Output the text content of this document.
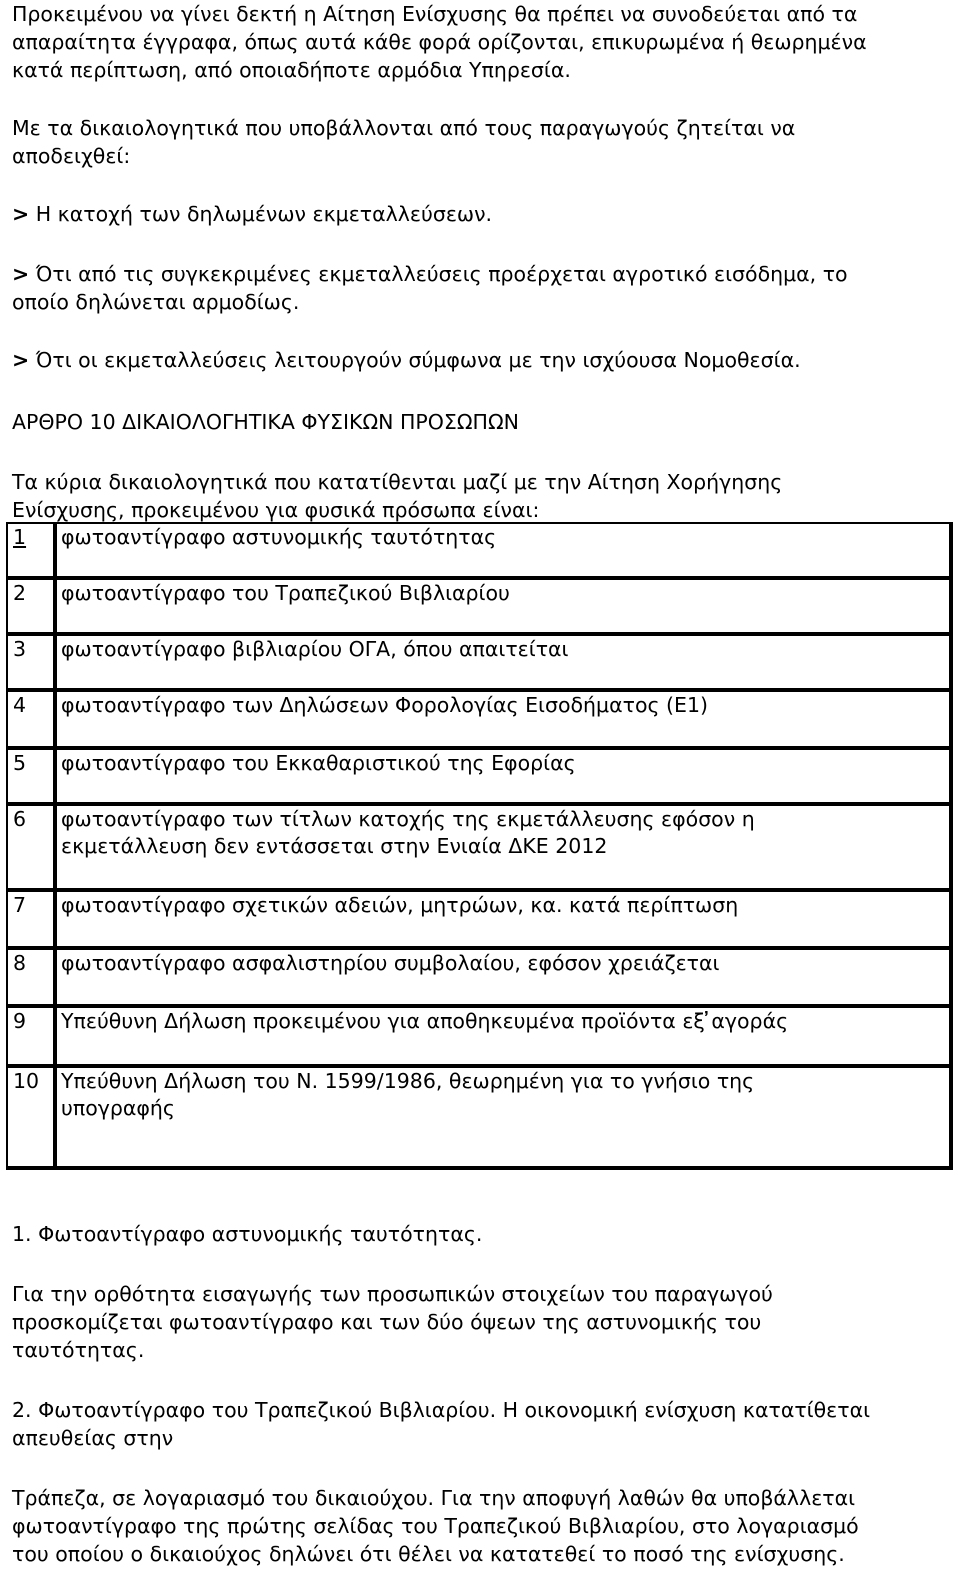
Προκειμένου να γίνει δεκτή η Αίτηση Ενίσχυσης θα πρέπει να συνοδεύεται από τα
απαραίτητα έγγραφα, όπως αυτά κάθε φορά ορίζονται, επικυρωμένα ή θεωρημένα
κατά περίπτωση, από οποιαδήποτε αρμόδια Υπηρεσία.
Με τα δικαιολογητικά που υποβάλλονται από τους παραγωγούς ζητείται να
αποδειχθεί:
> Η κατοχή των δηλωμένων εκμεταλλεύσεων.
> Ότι από τις συγκεκριμένες εκμεταλλεύσεις προέρχεται αγροτικό εισόδημα, το
οποίο δηλώνεται αρμοδίως.
> Ότι οι εκμεταλλεύσεις λειτουργούν σύμφωνα με την ισχύουσα Νομοθεσία.
ΑΡΘΡΟ 10 ΔΙΚΑΙΟΛΟΓΗΤΙΚΑ ΦΥΣΙΚΩΝ ΠΡΟΣΩΠΩΝ
Τα κύρια δικαιολογητικά που κατατίθενται μαζί με την Αίτηση Χορήγησης
Ενίσχυσης, προκειμένου για φυσικά πρόσωπα είναι:
1	φωτοαντίγραφο αστυνομικής ταυτότητας

2	φωτοαντίγραφο του Τραπεζικού Βιβλιαρίου

3	φωτοαντίγραφο βιβλιαρίου ΟΓΑ, όπου απαιτείται

4	φωτοαντίγραφο των Δηλώσεων Φορολογίας Εισοδήματος (Ε1)

5	φωτοαντίγραφο του Εκκαθαριστικού της Εφορίας

6	φωτοαντίγραφο των τίτλων κατοχής της εκμετάλλευσης εφόσον η
εκμετάλλευση δεν εντάσσεται στην Ενιαία ΔΚΕ 2012

7	φωτοαντίγραφο σχετικών αδειών, μητρώων, κα. κατά περίπτωση

8	φωτοαντίγραφο ασφαλιστηρίου συμβολαίου, εφόσον χρειάζεται

9	Υπεύθυνη Δήλωση προκειμένου για αποθηκευμένα προϊόντα εξ ̓αγοράς

10	Υπεύθυνη Δήλωση του Ν. 1599/1986, θεωρημένη για το γνήσιο της
υπογραφής
1. Φωτοαντίγραφο αστυνομικής ταυτότητας.
Για την ορθότητα εισαγωγής των προσωπικών στοιχείων του παραγωγού
προσκομίζεται φωτοαντίγραφο και των δύο όψεων της αστυνομικής του
ταυτότητας.
2. Φωτοαντίγραφο του Τραπεζικού Βιβλιαρίου. Η οικονομική ενίσχυση κατατίθεται
απευθείας στην
Τράπεζα, σε λογαριασμό του δικαιούχου. Για την αποφυγή λαθών θα υποβάλλεται
φωτοαντίγραφο της πρώτης σελίδας του Τραπεζικού Βιβλιαρίου, στο λογαριασμό
του οποίου ο δικαιούχος δηλώνει ότι θέλει να κατατεθεί το ποσό της ενίσχυσης.
